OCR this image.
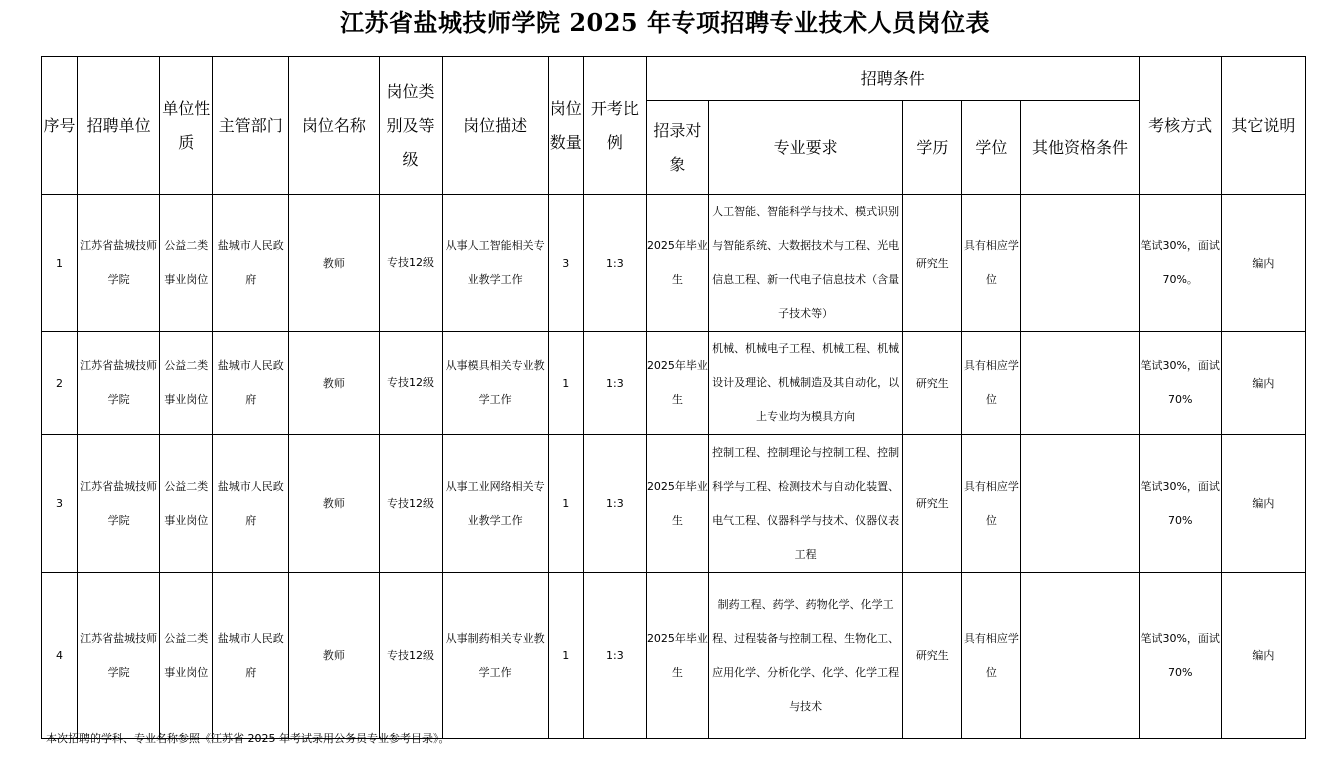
江苏省盐城技师学院 2025 年专项招聘专业技术人员岗位表
序号	招聘单位	单位性质	主管部门	岗位名称	岗位类别及等级	岗位描述	岗位数量	开考比例	招聘条件					考核方式	其它说明
									招录对象	专业要求	学历	学位	其他资格条件		
1	江苏省盐城技师学院	公益二类事业岗位	盐城市人民政府	教师	专技12级	从事人工智能相关专业教学工作	3	1:3	2025年毕业生	人工智能、智能科学与技术、模式识别与智能系统、大数据技术与工程、光电信息工程、新一代电子信息技术（含量子技术等）	研究生	具有相应学位		笔试30%，面试70%。	编内
2	江苏省盐城技师学院	公益二类事业岗位	盐城市人民政府	教师	专技12级	从事模具相关专业教学工作	1	1:3	2025年毕业生	机械、机械电子工程、机械工程、机械设计及理论、机械制造及其自动化，以上专业均为模具方向	研究生	具有相应学位		笔试30%，面试70%	编内
3	江苏省盐城技师学院	公益二类事业岗位	盐城市人民政府	教师	专技12级	从事工业网络相关专业教学工作	1	1:3	2025年毕业生	控制工程、控制理论与控制工程、控制科学与工程、检测技术与自动化装置、电气工程、仪器科学与技术、仪器仪表工程	研究生	具有相应学位		笔试30%，面试70%	编内
4	江苏省盐城技师学院	公益二类事业岗位	盐城市人民政府	教师	专技12级	从事制药相关专业教学工作	1	1:3	2025年毕业生	制药工程、药学、药物化学、化学工程、过程装备与控制工程、生物化工、应用化学、分析化学、化学、化学工程与技术	研究生	具有相应学位		笔试30%，面试70%	编内
本次招聘的学科、专业名称参照《江苏省 2025 年考试录用公务员专业参考目录》。
